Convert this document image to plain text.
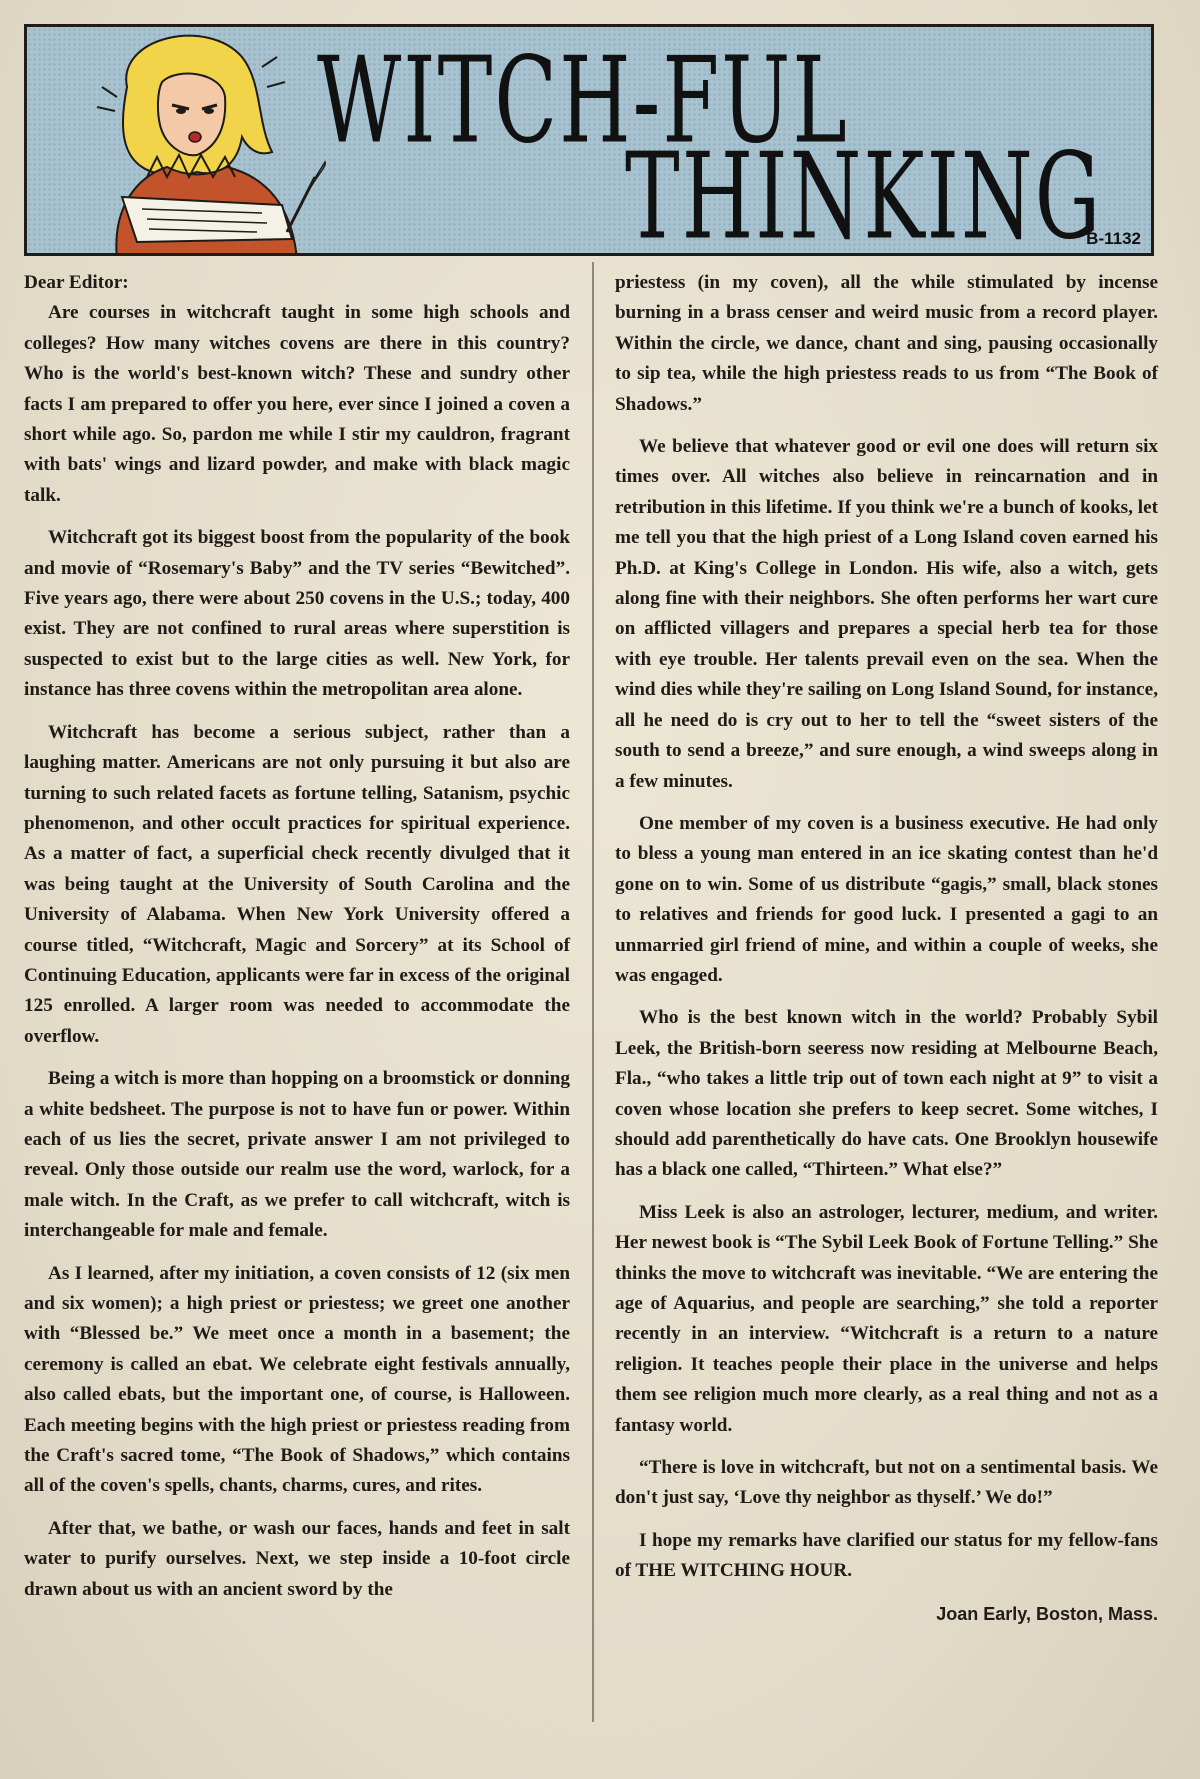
WITCH-FUL
THINKING
B-1132

Dear Editor:

Are courses in witchcraft taught in some high schools and colleges? How many witches covens are there in this country? Who is the world's best-known witch? These and sundry other facts I am prepared to offer you here, ever since I joined a coven a short while ago. So, pardon me while I stir my cauldron, fragrant with bats' wings and lizard powder, and make with black magic talk.

Witchcraft got its biggest boost from the popularity of the book and movie of “Rosemary's Baby” and the TV series “Bewitched”. Five years ago, there were about 250 covens in the U.S.; today, 400 exist. They are not confined to rural areas where superstition is suspected to exist but to the large cities as well. New York, for instance has three covens within the metropolitan area alone.

Witchcraft has become a serious subject, rather than a laughing matter. Americans are not only pursuing it but also are turning to such related facets as fortune telling, Satanism, psychic phenomenon, and other occult practices for spiritual experience. As a matter of fact, a superficial check recently divulged that it was being taught at the University of South Carolina and the University of Alabama. When New York University offered a course titled, “Witchcraft, Magic and Sorcery” at its School of Continuing Education, applicants were far in excess of the original 125 enrolled. A larger room was needed to accommodate the overflow.

Being a witch is more than hopping on a broomstick or donning a white bedsheet. The purpose is not to have fun or power. Within each of us lies the secret, private answer I am not privileged to reveal. Only those outside our realm use the word, warlock, for a male witch. In the Craft, as we prefer to call witchcraft, witch is interchangeable for male and female.

As I learned, after my initiation, a coven consists of 12 (six men and six women); a high priest or priestess; we greet one another with “Blessed be.” We meet once a month in a basement; the ceremony is called an ebat. We celebrate eight festivals annually, also called ebats, but the important one, of course, is Halloween. Each meeting begins with the high priest or priestess reading from the Craft's sacred tome, “The Book of Shadows,” which contains all of the coven's spells, chants, charms, cures, and rites.

After that, we bathe, or wash our faces, hands and feet in salt water to purify ourselves. Next, we step inside a 10-foot circle drawn about us with an ancient sword by the

priestess (in my coven), all the while stimulated by incense burning in a brass censer and weird music from a record player. Within the circle, we dance, chant and sing, pausing occasionally to sip tea, while the high priestess reads to us from “The Book of Shadows.”

We believe that whatever good or evil one does will return six times over. All witches also believe in reincarnation and in retribution in this lifetime. If you think we're a bunch of kooks, let me tell you that the high priest of a Long Island coven earned his Ph.D. at King's College in London. His wife, also a witch, gets along fine with their neighbors. She often performs her wart cure on afflicted villagers and prepares a special herb tea for those with eye trouble. Her talents prevail even on the sea. When the wind dies while they're sailing on Long Island Sound, for instance, all he need do is cry out to her to tell the “sweet sisters of the south to send a breeze,” and sure enough, a wind sweeps along in a few minutes.

One member of my coven is a business executive. He had only to bless a young man entered in an ice skating contest than he'd gone on to win. Some of us distribute “gagis,” small, black stones to relatives and friends for good luck. I presented a gagi to an unmarried girl friend of mine, and within a couple of weeks, she was engaged.

Who is the best known witch in the world? Probably Sybil Leek, the British-born seeress now residing at Melbourne Beach, Fla., “who takes a little trip out of town each night at 9” to visit a coven whose location she prefers to keep secret. Some witches, I should add parenthetically do have cats. One Brooklyn housewife has a black one called, “Thirteen.” What else?”

Miss Leek is also an astrologer, lecturer, medium, and writer. Her newest book is “The Sybil Leek Book of Fortune Telling.” She thinks the move to witchcraft was inevitable. “We are entering the age of Aquarius, and people are searching,” she told a reporter recently in an interview. “Witchcraft is a return to a nature religion. It teaches people their place in the universe and helps them see religion much more clearly, as a real thing and not as a fantasy world.

“There is love in witchcraft, but not on a sentimental basis. We don't just say, ‘Love thy neighbor as thyself.’ We do!”

I hope my remarks have clarified our status for my fellow-fans of THE WITCHING HOUR.

Joan Early, Boston, Mass.
